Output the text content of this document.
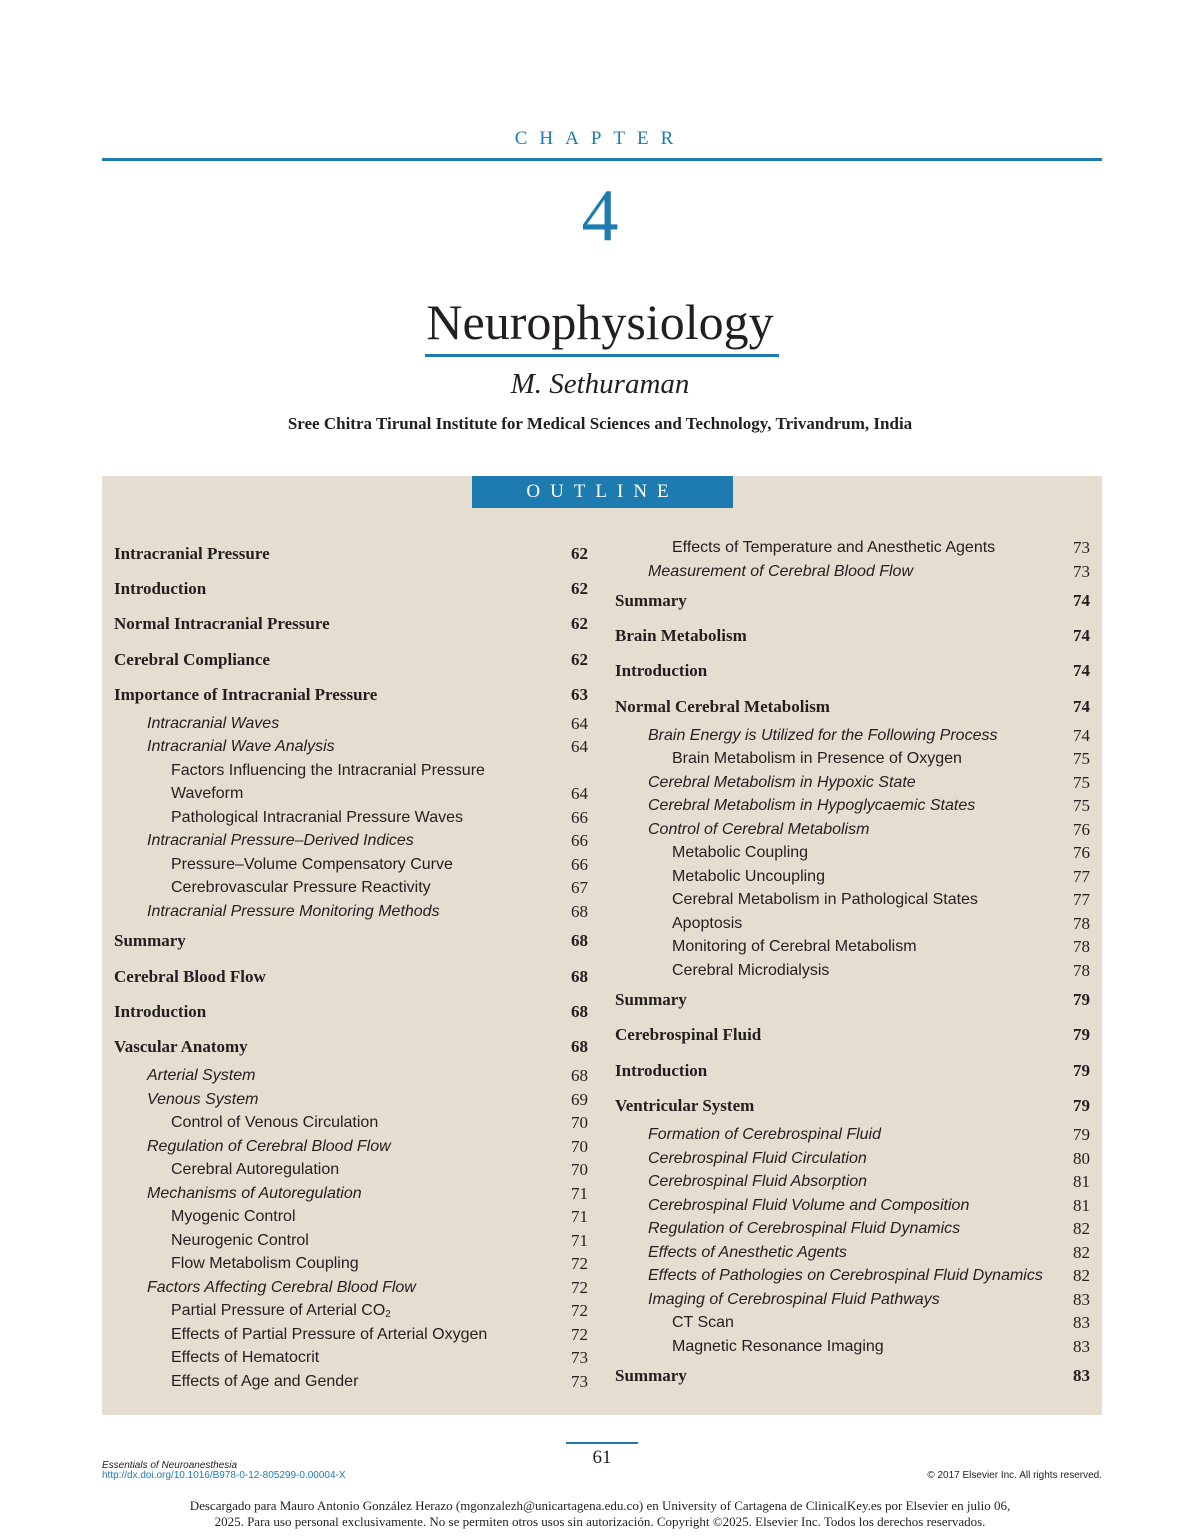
CHAPTER
4
Neurophysiology
M. Sethuraman
Sree Chitra Tirunal Institute for Medical Sciences and Technology, Trivandrum, India
OUTLINE
Intracranial Pressure	62
Introduction	62
Normal Intracranial Pressure	62
Cerebral Compliance	62
Importance of Intracranial Pressure	63
Intracranial Waves	64
Intracranial Wave Analysis	64
Factors Influencing the Intracranial Pressure
Waveform	64
Pathological Intracranial Pressure Waves	66
Intracranial Pressure–Derived Indices	66
Pressure–Volume Compensatory Curve	66
Cerebrovascular Pressure Reactivity	67
Intracranial Pressure Monitoring Methods	68
Summary	68
Cerebral Blood Flow	68
Introduction	68
Vascular Anatomy	68
Arterial System	68
Venous System	69
Control of Venous Circulation	70
Regulation of Cerebral Blood Flow	70
Cerebral Autoregulation	70
Mechanisms of Autoregulation	71
Myogenic Control	71
Neurogenic Control	71
Flow Metabolism Coupling	72
Factors Affecting Cerebral Blood Flow	72
Partial Pressure of Arterial $CO_2$	72
Effects of Partial Pressure of Arterial Oxygen	72
Effects of Hematocrit	73
Effects of Age and Gender	73
Effects of Temperature and Anesthetic Agents	73
Measurement of Cerebral Blood Flow	73
Summary	74
Brain Metabolism	74
Introduction	74
Normal Cerebral Metabolism	74
Brain Energy is Utilized for the Following Process	74
Brain Metabolism in Presence of Oxygen	75
Cerebral Metabolism in Hypoxic State	75
Cerebral Metabolism in Hypoglycaemic States	75
Control of Cerebral Metabolism	76
Metabolic Coupling	76
Metabolic Uncoupling	77
Cerebral Metabolism in Pathological States	77
Apoptosis	78
Monitoring of Cerebral Metabolism	78
Cerebral Microdialysis	78
Summary	79
Cerebrospinal Fluid	79
Introduction	79
Ventricular System	79
Formation of Cerebrospinal Fluid	79
Cerebrospinal Fluid Circulation	80
Cerebrospinal Fluid Absorption	81
Cerebrospinal Fluid Volume and Composition	81
Regulation of Cerebrospinal Fluid Dynamics	82
Effects of Anesthetic Agents	82
Effects of Pathologies on Cerebrospinal Fluid Dynamics 82
Imaging of Cerebrospinal Fluid Pathways	83
CT Scan	83
Magnetic Resonance Imaging	83
Summary	83
61
Essentials of Neuroanesthesia
http://dx.doi.org/10.1016/B978-0-12-805299-0.00004-X	© 2017 Elsevier Inc. All rights reserved.
Descargado para Mauro Antonio González Herazo (mgonzalezh@unicartagena.edu.co) en University of Cartagena de ClinicalKey.es por Elsevier en julio 06,
2025. Para uso personal exclusivamente. No se permiten otros usos sin autorización. Copyright ©2025. Elsevier Inc. Todos los derechos reservados.
